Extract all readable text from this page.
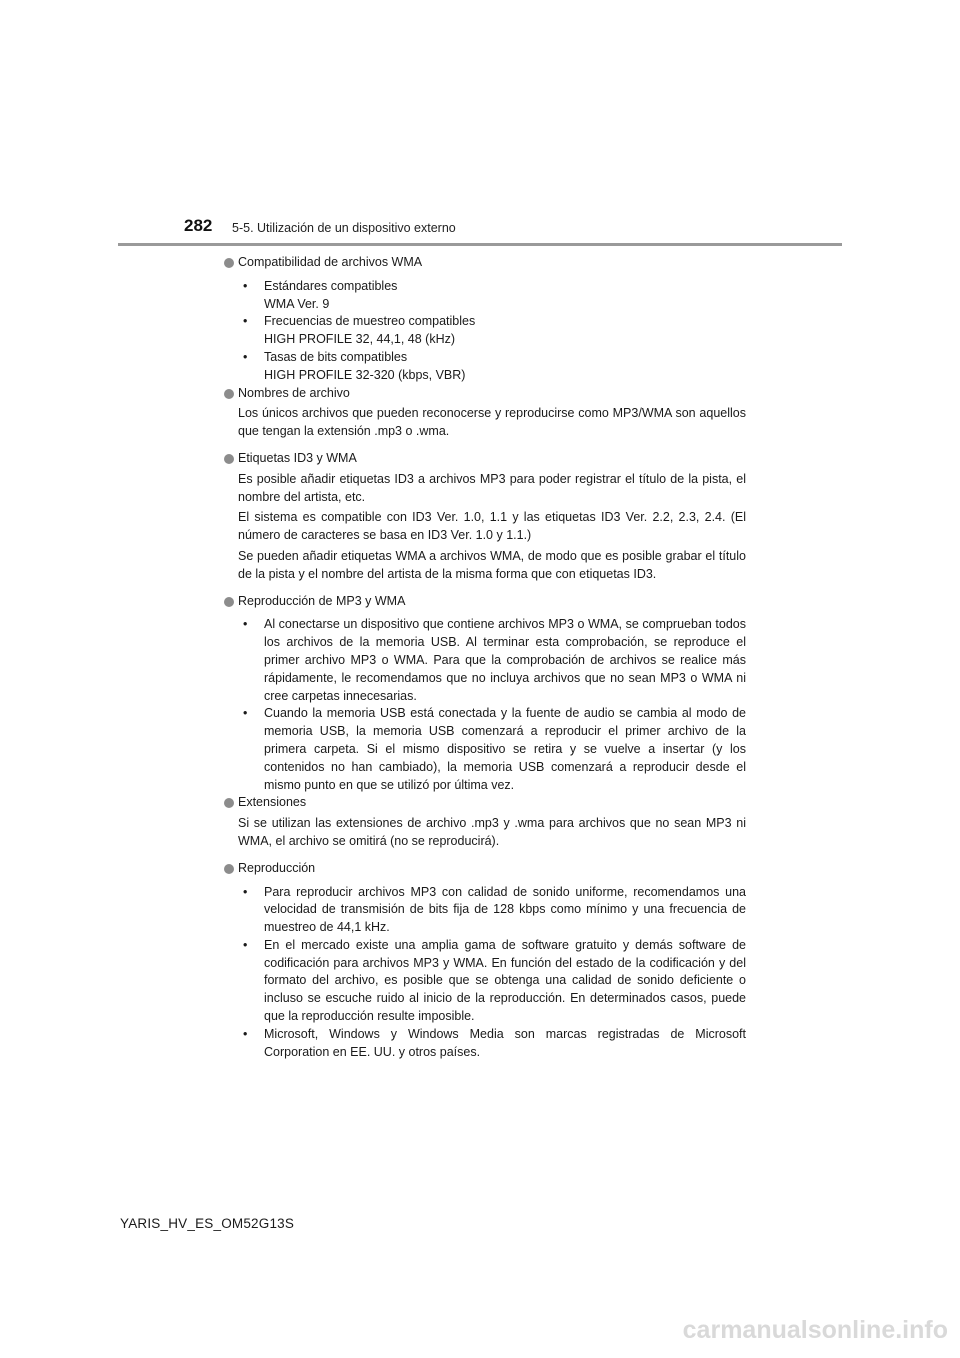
282 5-5. Utilización de un dispositivo externo
Compatibilidad de archivos WMA
• Estándares compatibles
WMA Ver. 9
• Frecuencias de muestreo compatibles
HIGH PROFILE 32, 44,1, 48 (kHz)
• Tasas de bits compatibles
HIGH PROFILE 32-320 (kbps, VBR)
Nombres de archivo
Los únicos archivos que pueden reconocerse y reproducirse como MP3/WMA son aquellos que tengan la extensión .mp3 o .wma.
Etiquetas ID3 y WMA
Es posible añadir etiquetas ID3 a archivos MP3 para poder registrar el título de la pista, el nombre del artista, etc.
El sistema es compatible con ID3 Ver. 1.0, 1.1 y las etiquetas ID3 Ver. 2.2, 2.3, 2.4. (El número de caracteres se basa en ID3 Ver. 1.0 y 1.1.)
Se pueden añadir etiquetas WMA a archivos WMA, de modo que es posible grabar el título de la pista y el nombre del artista de la misma forma que con etiquetas ID3.
Reproducción de MP3 y WMA
• Al conectarse un dispositivo que contiene archivos MP3 o WMA, se comprueban todos los archivos de la memoria USB. Al terminar esta comprobación, se reproduce el primer archivo MP3 o WMA. Para que la comprobación de archivos se realice más rápidamente, le recomendamos que no incluya archivos que no sean MP3 o WMA ni cree carpetas innecesarias.
• Cuando la memoria USB está conectada y la fuente de audio se cambia al modo de memoria USB, la memoria USB comenzará a reproducir el primer archivo de la primera carpeta. Si el mismo dispositivo se retira y se vuelve a insertar (y los contenidos no han cambiado), la memoria USB comenzará a reproducir desde el mismo punto en que se utilizó por última vez.
Extensiones
Si se utilizan las extensiones de archivo .mp3 y .wma para archivos que no sean MP3 ni WMA, el archivo se omitirá (no se reproducirá).
Reproducción
• Para reproducir archivos MP3 con calidad de sonido uniforme, recomendamos una velocidad de transmisión de bits fija de 128 kbps como mínimo y una frecuencia de muestreo de 44,1 kHz.
• En el mercado existe una amplia gama de software gratuito y demás software de codificación para archivos MP3 y WMA. En función del estado de la codificación y del formato del archivo, es posible que se obtenga una calidad de sonido deficiente o incluso se escuche ruido al inicio de la reproducción. En determinados casos, puede que la reproducción resulte imposible.
• Microsoft, Windows y Windows Media son marcas registradas de Microsoft Corporation en EE. UU. y otros países.
YARIS_HV_ES_OM52G13S
carmanualsonline.info
